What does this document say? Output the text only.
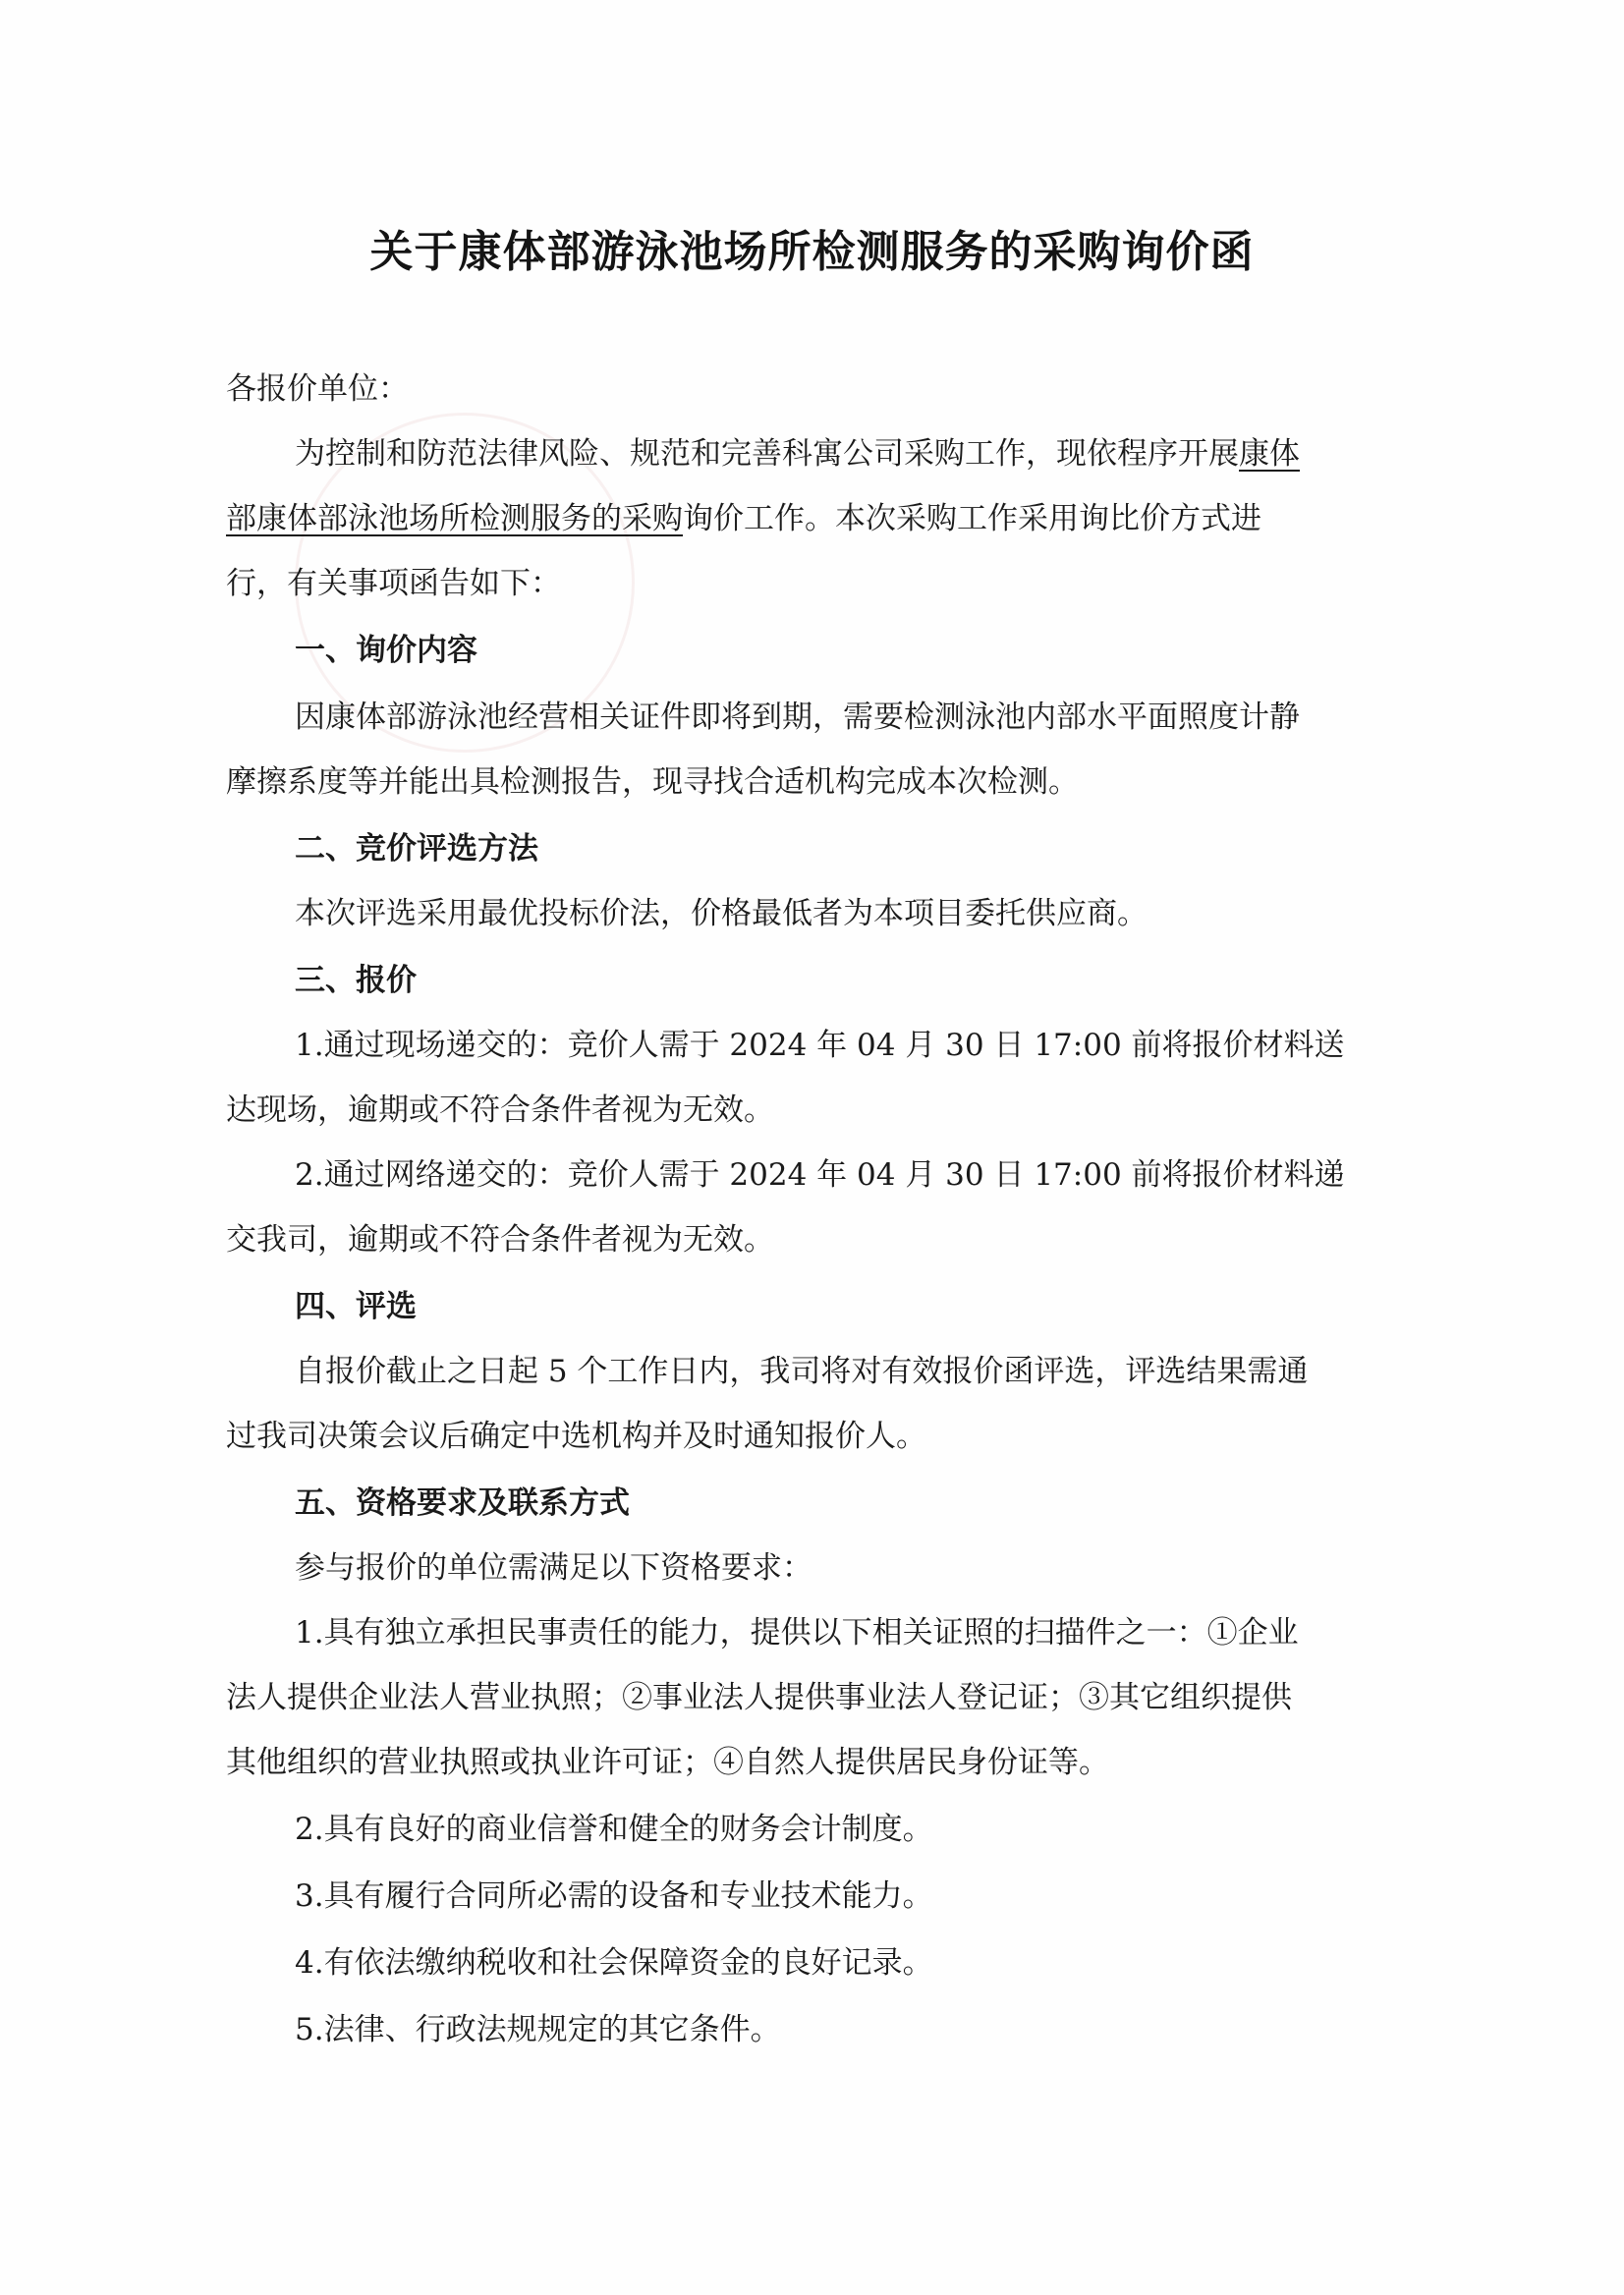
关于康体部游泳池场所检测服务的采购询价函
各报价单位：
为控制和防范法律风险、规范和完善科寓公司采购工作，现依程序开展康体
部康体部泳池场所检测服务的采购询价工作。本次采购工作采用询比价方式进
行，有关事项函告如下：
一、询价内容
因康体部游泳池经营相关证件即将到期，需要检测泳池内部水平面照度计静
摩擦系度等并能出具检测报告，现寻找合适机构完成本次检测。
二、竞价评选方法
本次评选采用最优投标价法，价格最低者为本项目委托供应商。
三、报价
1.通过现场递交的：竞价人需于 2024 年 04 月 30 日 17:00 前将报价材料送
达现场，逾期或不符合条件者视为无效。
2.通过网络递交的：竞价人需于 2024 年 04 月 30 日 17:00 前将报价材料递
交我司，逾期或不符合条件者视为无效。
四、评选
自报价截止之日起 5 个工作日内，我司将对有效报价函评选，评选结果需通
过我司决策会议后确定中选机构并及时通知报价人。
五、资格要求及联系方式
参与报价的单位需满足以下资格要求：
1.具有独立承担民事责任的能力，提供以下相关证照的扫描件之一：①企业
法人提供企业法人营业执照；②事业法人提供事业法人登记证；③其它组织提供
其他组织的营业执照或执业许可证；④自然人提供居民身份证等。
2.具有良好的商业信誉和健全的财务会计制度。
3.具有履行合同所必需的设备和专业技术能力。
4.有依法缴纳税收和社会保障资金的良好记录。
5.法律、行政法规规定的其它条件。
